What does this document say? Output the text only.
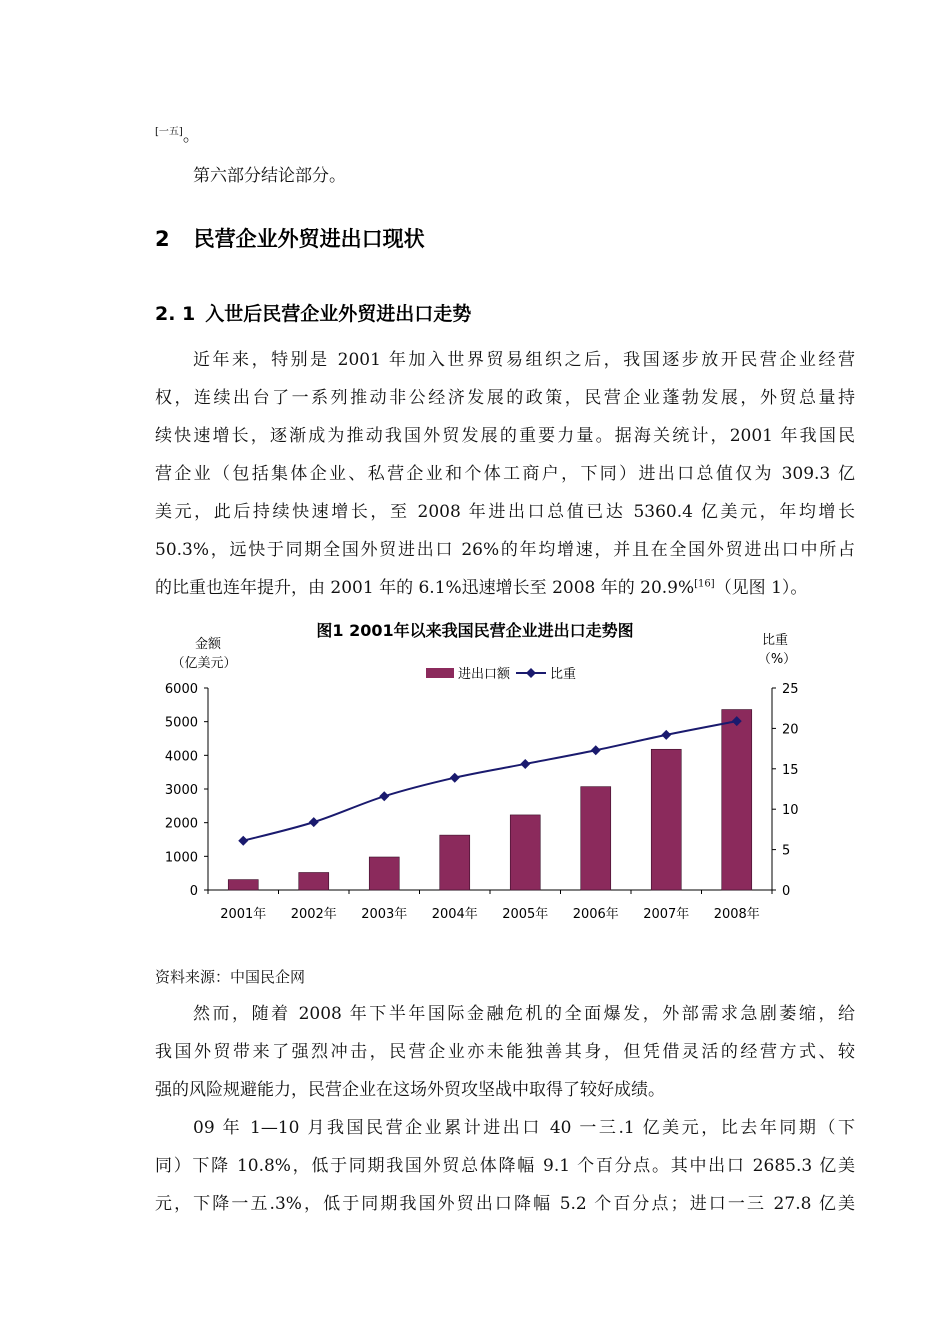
[一五]。
第六部分结论部分。
2 民营企业外贸进出口现状
2. 1 入世后民营企业外贸进出口走势
近年来，特别是 2001 年加入世界贸易组织之后，我国逐步放开民营企业经营
权，连续出台了一系列推动非公经济发展的政策，民营企业蓬勃发展，外贸总量持
续快速增长，逐渐成为推动我国外贸发展的重要力量。据海关统计，2001 年我国民
营企业（包括集体企业、私营企业和个体工商户，下同）进出口总值仅为 309.3 亿
美元，此后持续快速增长，至 2008 年进出口总值已达 5360.4 亿美元，年均增长
50.3%，远快于同期全国外贸进出口 26%的年均增速，并且在全国外贸进出口中所占
的比重也连年提升，由 2001 年的 6.1%迅速增长至 2008 年的 20.9%[16]（见图 1）。
图1 2001年以来我国民营企业进出口走势图
金额
（亿美元）
比重
（%）
进出口额	比重
0
1000
2000
3000
4000
5000
6000
0
5
10
15
20
25
2001年 2002年 2003年 2004年 2005年 2006年 2007年 2008年
资料来源：中国民企网
然而，随着 2008 年下半年国际金融危机的全面爆发，外部需求急剧萎缩，给
我国外贸带来了强烈冲击，民营企业亦未能独善其身，但凭借灵活的经营方式、较
强的风险规避能力，民营企业在这场外贸攻坚战中取得了较好成绩。
09 年 1—10 月我国民营企业累计进出口 40 一三.1 亿美元，比去年同期（下
同）下降 10.8%，低于同期我国外贸总体降幅 9.1 个百分点。其中出口 2685.3 亿美
元，下降一五.3%，低于同期我国外贸出口降幅 5.2 个百分点；进口一三 27.8 亿美
